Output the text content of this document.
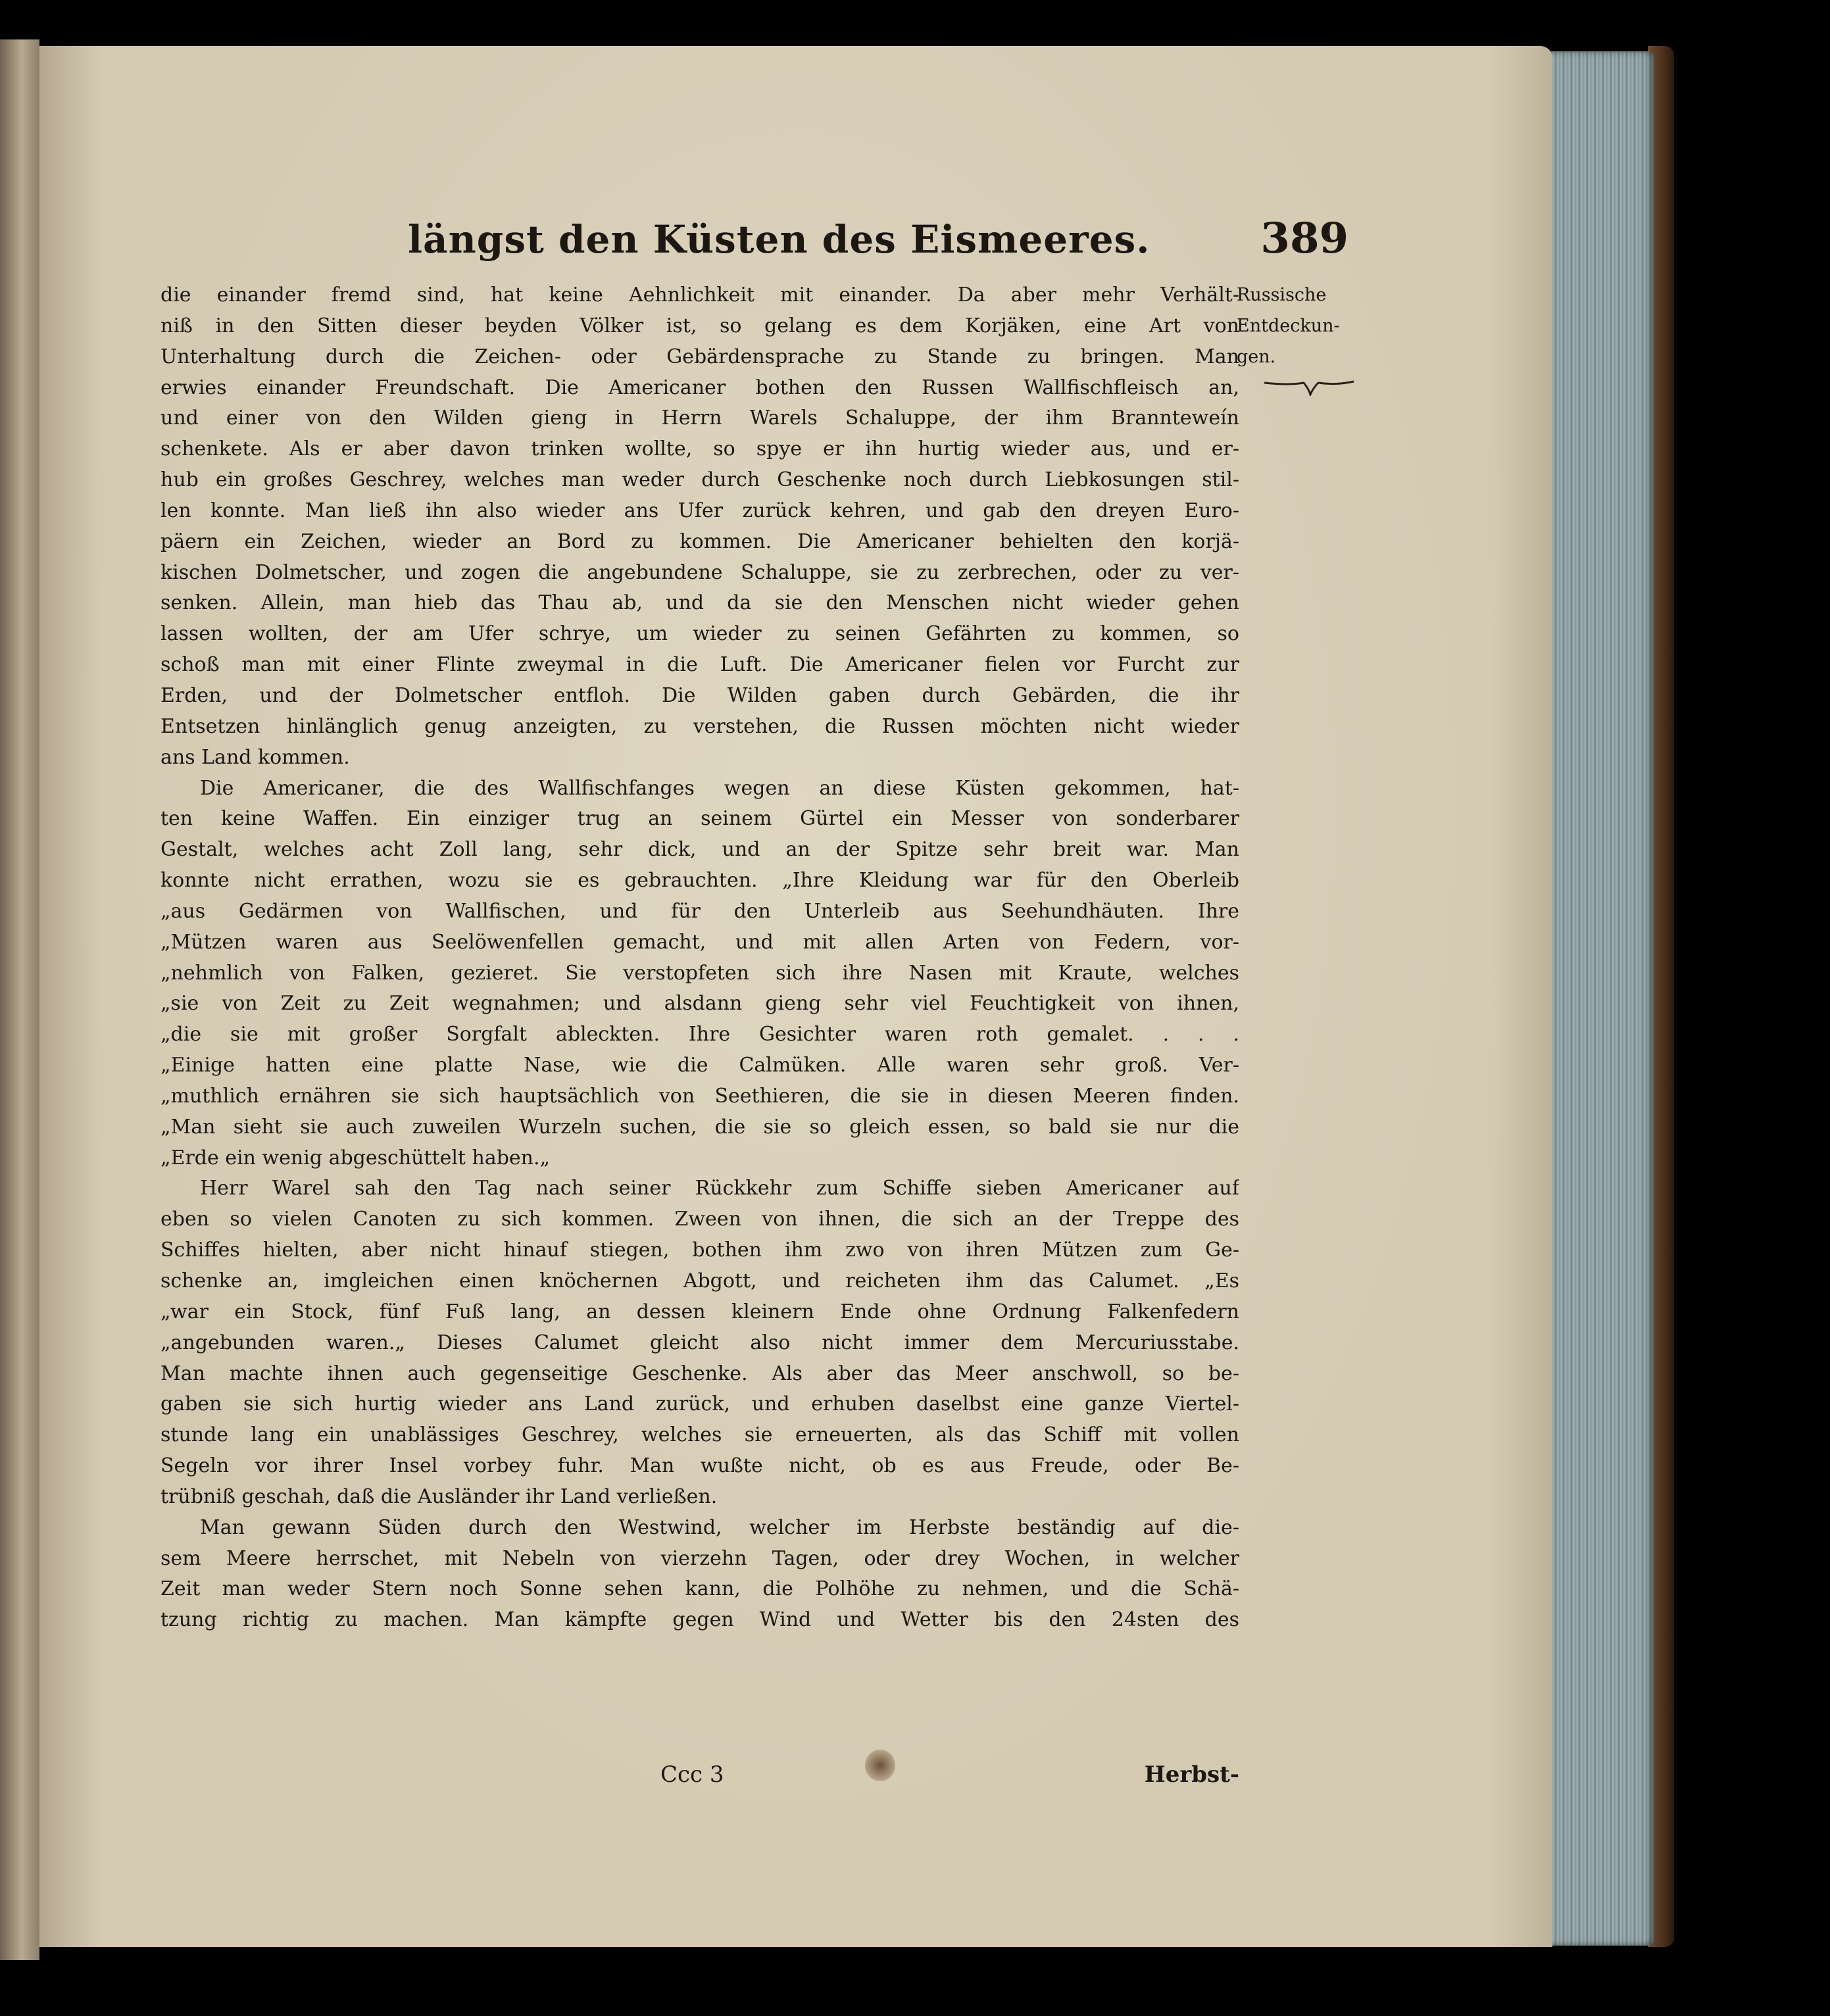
längst den Küsten des Eismeeres.	389
die einander fremd sind, hat keine Aehnlichkeit mit einander. Da aber mehr Verhält-
niß in den Sitten dieser beyden Völker ist, so gelang es dem Korjäken, eine Art von
Unterhaltung durch die Zeichen- oder Gebärdensprache zu Stande zu bringen. Man
erwies einander Freundschaft. Die Americaner bothen den Russen Wallfischfleisch an,
und einer von den Wilden gieng in Herrn Warels Schaluppe, der ihm Brannteweín
schenkete. Als er aber davon trinken wollte, so spye er ihn hurtig wieder aus, und er-
hub ein großes Geschrey, welches man weder durch Geschenke noch durch Liebkosungen stil-
len konnte. Man ließ ihn also wieder ans Ufer zurück kehren, und gab den dreyen Euro-
päern ein Zeichen, wieder an Bord zu kommen. Die Americaner behielten den korjä-
kischen Dolmetscher, und zogen die angebundene Schaluppe, sie zu zerbrechen, oder zu ver-
senken. Allein, man hieb das Thau ab, und da sie den Menschen nicht wieder gehen
lassen wollten, der am Ufer schrye, um wieder zu seinen Gefährten zu kommen, so
schoß man mit einer Flinte zweymal in die Luft. Die Americaner fielen vor Furcht zur
Erden, und der Dolmetscher entfloh. Die Wilden gaben durch Gebärden, die ihr
Entsetzen hinlänglich genug anzeigten, zu verstehen, die Russen möchten nicht wieder
ans Land kommen.
Die Americaner, die des Wallfischfanges wegen an diese Küsten gekommen, hat-
ten keine Waffen. Ein einziger trug an seinem Gürtel ein Messer von sonderbarer
Gestalt, welches acht Zoll lang, sehr dick, und an der Spitze sehr breit war. Man
konnte nicht errathen, wozu sie es gebrauchten. „Ihre Kleidung war für den Oberleib
„aus Gedärmen von Wallfischen, und für den Unterleib aus Seehundhäuten. Ihre
„Mützen waren aus Seelöwenfellen gemacht, und mit allen Arten von Federn, vor-
„nehmlich von Falken, gezieret. Sie verstopfeten sich ihre Nasen mit Kraute, welches
„sie von Zeit zu Zeit wegnahmen; und alsdann gieng sehr viel Feuchtigkeit von ihnen,
„die sie mit großer Sorgfalt ableckten. Ihre Gesichter waren roth gemalet. . . .
„Einige hatten eine platte Nase, wie die Calmüken. Alle waren sehr groß. Ver-
„muthlich ernähren sie sich hauptsächlich von Seethieren, die sie in diesen Meeren finden.
„Man sieht sie auch zuweilen Wurzeln suchen, die sie so gleich essen, so bald sie nur die
„Erde ein wenig abgeschüttelt haben.„
Herr Warel sah den Tag nach seiner Rückkehr zum Schiffe sieben Americaner auf
eben so vielen Canoten zu sich kommen. Zween von ihnen, die sich an der Treppe des
Schiffes hielten, aber nicht hinauf stiegen, bothen ihm zwo von ihren Mützen zum Ge-
schenke an, imgleichen einen knöchernen Abgott, und reicheten ihm das Calumet. „Es
„war ein Stock, fünf Fuß lang, an dessen kleinern Ende ohne Ordnung Falkenfedern
„angebunden waren.„ Dieses Calumet gleicht also nicht immer dem Mercuriusstabe.
Man machte ihnen auch gegenseitige Geschenke. Als aber das Meer anschwoll, so be-
gaben sie sich hurtig wieder ans Land zurück, und erhuben daselbst eine ganze Viertel-
stunde lang ein unablässiges Geschrey, welches sie erneuerten, als das Schiff mit vollen
Segeln vor ihrer Insel vorbey fuhr. Man wußte nicht, ob es aus Freude, oder Be-
trübniß geschah, daß die Ausländer ihr Land verließen.
Man gewann Süden durch den Westwind, welcher im Herbste beständig auf die-
sem Meere herrschet, mit Nebeln von vierzehn Tagen, oder drey Wochen, in welcher
Zeit man weder Stern noch Sonne sehen kann, die Polhöhe zu nehmen, und die Schä-
tzung richtig zu machen. Man kämpfte gegen Wind und Wetter bis den 24sten des
Russische
Entdeckun-
gen.
Ccc 3	Herbst-
